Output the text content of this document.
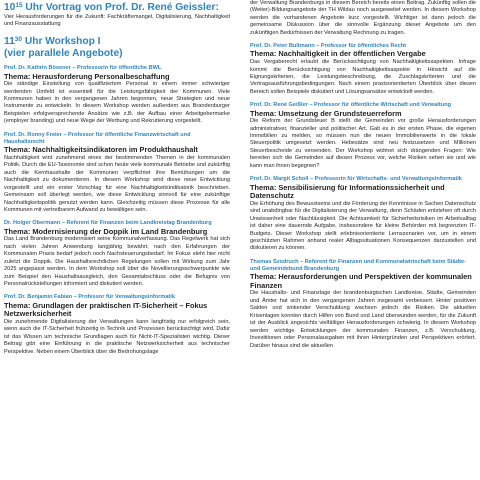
$10^{15}$ Uhr Vortrag von Prof. Dr. René Geissler:

Vier Herausforderungen für die Zukunft: Fachkräftemangel, Digitalisierung, Nachhaltigkeit und Finanzausstattung

$11^{30}$ Uhr Workshop I

(vier parallele Angebote)

Prof. Dr. Kathrin Bösener – Professorin für öffentliche BWL

Thema: Herausforderung Personalbeschaffung

Die ständige Einstellung von qualifiziertem Personal in einem immer schwieriger werdenden Umfeld ist essentiell für die Leistungsfähigkeit der Kommunen. Viele Kommunen haben in den vergangenen Jahren begonnen, neue Strategien und neue Instrumente zu entwickeln. In diesem Workshop werden außerdem aus Brandenburger Beispielen erfolgversprechende Ansätze wie z.B. der Aufbau einer Arbeitgebermarke (employer branding) und neue Wege der Werbung und Rekrutierung vorgestellt.

Prof. Dr. Ronny Freier – Professor für öffentliche Finanzwirtschaft und Haushaltsrecht

Thema: Nachhaltigkeitsindikatoren im Produkthaushalt

Nachhaltigkeit wird zunehmend eines der bestimmenden Themen in der kommunalen Politik. Durch die EU-Taxonomie sind schon heute viele kommunale Betriebe und zukünftig auch die Kernhaushalte der Kommunen verpflichtet ihre Bemühungen um die Nachhaltigkeit zu dokumentieren. In diesem Workshop wird diese neue Entwicklung vorgestellt und ein erster Vorschlag für eine Nachhaltigkeitsindikatorik beschrieben. Gemeinsam soll überlegt werden, wie diese Entwicklung sinnvoll für eine zukünftige Nachhaltigkeitspolitik genutzt werden kann. Gleichzeitig müssen diese Prozesse für alle Kommunen mit vertretbarem Aufwand zu bewältigen sein.

Dr. Holger Obermann – Referent für Finanzen beim Landkreistag Brandenburg

Thema: Modernisierung der Doppik im Land Brandenburg

Das Land Brandenburg modernisiert seine Kommunalverfassung. Das Regelwerk hat sich nach vielen Jahren Anwendung langjährig bewährt, nach den Erfahrungen der Kommunalen Praxis bedarf jedoch noch Nachsteuerungsbedarf. Im Fokus steht hier nicht zuletzt die Doppik. Die Haushaltsrechtlichen Regelungen sollen mit Wirkung zum Jahr 2025 angepasst werden. In dem Workshop soll über die Novellierungsschwerpunkte wie zum Beispiel den Haushaltsausgleich, den Gesamtabschluss oder die Befugnis von Personalrückstellungen informiert und diskutiert werden.

Prof. Dr. Benjamin Fabian – Professor für Verwaltungsinformatik

Thema: Grundlagen der praktischen IT-Sicherheit – Fokus Netzwerksicherheit

Die zunehmende Digitalisierung der Verwaltungen kann langfristig nur erfolgreich sein, wenn auch die IT-Sicherheit frühzeitig in Technik und Prozessen berücksichtigt wird. Dafür ist das Wissen um technische Grundlagen auch für Nicht-IT-Spezialisten wichtig. Dieser Beitrag gibt eine Einführung in die praktische Netzwerksicherheit aus technischer Perspektive. Neben einem Überblick über die Bedrohungslage

der Verwaltung Brandenburgs in diesem Bereich bereits einen Beitrag. Zukünftig sollen die (Weiter)-Bildungsangebote der TH Wildau noch ausgeweitet werden. In diesem Workshop werden die vorhandenen Angebote kurz vorgestellt. Wichtiger ist dann jedoch die gemeinsame Diskussion über die sinnvolle Ergänzung dieser Angebote um den zukünftigen Bedürfnissen der Verwaltung Rechnung zu tragen.

Prof. Dr. Peter Bultmann – Professor für öffentliches Recht

Thema: Nachhaltigkeit in der öffentlichen Vergabe

Das Vergaberecht erlaubt die Berücksichtigung von Nachhaltigkeitsaspekten. Infrage kommt die Berücksichtigung von Nachhaltigkeitsaspekte in Hinsicht auf die Eignungskriterien, die Leistungsbeschreibung, die Zuschlagskriterien und die Vertragsausführungsbedingungen. Nach einem praxisorientierten Überblick über diesen Bereich sollen Beispiele diskutiert und Lösungsansätze entwickelt werden.

Prof. Dr. René Geißler – Professor für öffentliche Wirtschaft und Verwaltung

Thema: Umsetzung der Grundsteuerreform

Die Reform der Grundsteuer B stellt die Gemeinden vor große Herausforderungen administrativer, finanzieller und politischer Art. Galt es in der ersten Phase, die eigenen Immobilien zu melden, so müssen nun die neuen Immobilienwerte in die lokale Steuerpolitik umgesetzt werden. Hebesätze sind neu festzusetzen und Millionen Steuerbescheide zu versenden. Der Workshop widmet sich drängenden Fragen: Wie bereiten sich die Gemeinden auf diesen Prozess vor, welche Risiken sehen sie und wie kann man ihnen begegnen?

Prof. Dr. Margit Scholl – Professorin für Wirtschafts- und Verwaltungsinformatik

Thema: Sensibilisierung für Informationssicherheit und Datenschutz

Die Erhöhung des Bewusstseins und die Förderung der Kenntnisse in Sachen Datenschutz sind unabdingbar für die Digitalisierung der Verwaltung, denn Schäden entstehen oft durch Unwissenheit oder Nachlässigkeit. Die Achtsamkeit für Sicherheitsrisiken im Arbeitsalltag ist daher eine dauernde Aufgabe, insbesondere für kleine Behörden mit begrenzten IT-Budgets. Dieser Workshop stellt erlebnisorientierte Lernszenarien vor, um in einem geschützten Rahmen anhand realer Alltagssituationen Konsequenzen darzustellen und diskutieren zu können.

Thomas Szodruch – Referent für Finanzen und Kommunalwirtschaft beim Städte- und Gemeindebund Brandenburg

Thema: Herausforderungen und Perspektiven der kommunalen Finanzen

Die Haushalts- und Finanzlage der brandenburgischen Landkreise, Städte, Gemeinden und Ämter hat sich in den vergangenen Jahren insgesamt verbessert. Hinter positiven Salden und sinkender Verschuldung wachsen jedoch die Risiken. Die aktuellen Krisenlagen konnten durch Hilfen von Bund und Land überwunden werden, für die Zukunft ist der Ausblick angesichts vielfältiger Herausforderungen schwierig. In diesem Workshop werden wichtige Entwicklungen der kommunalen Finanzen, z.B. Verschuldung, Investitionen oder Personalausgaben mit ihren Hintergründen und Perspektiven erörtert. Darüber hinaus sind die aktuellen
